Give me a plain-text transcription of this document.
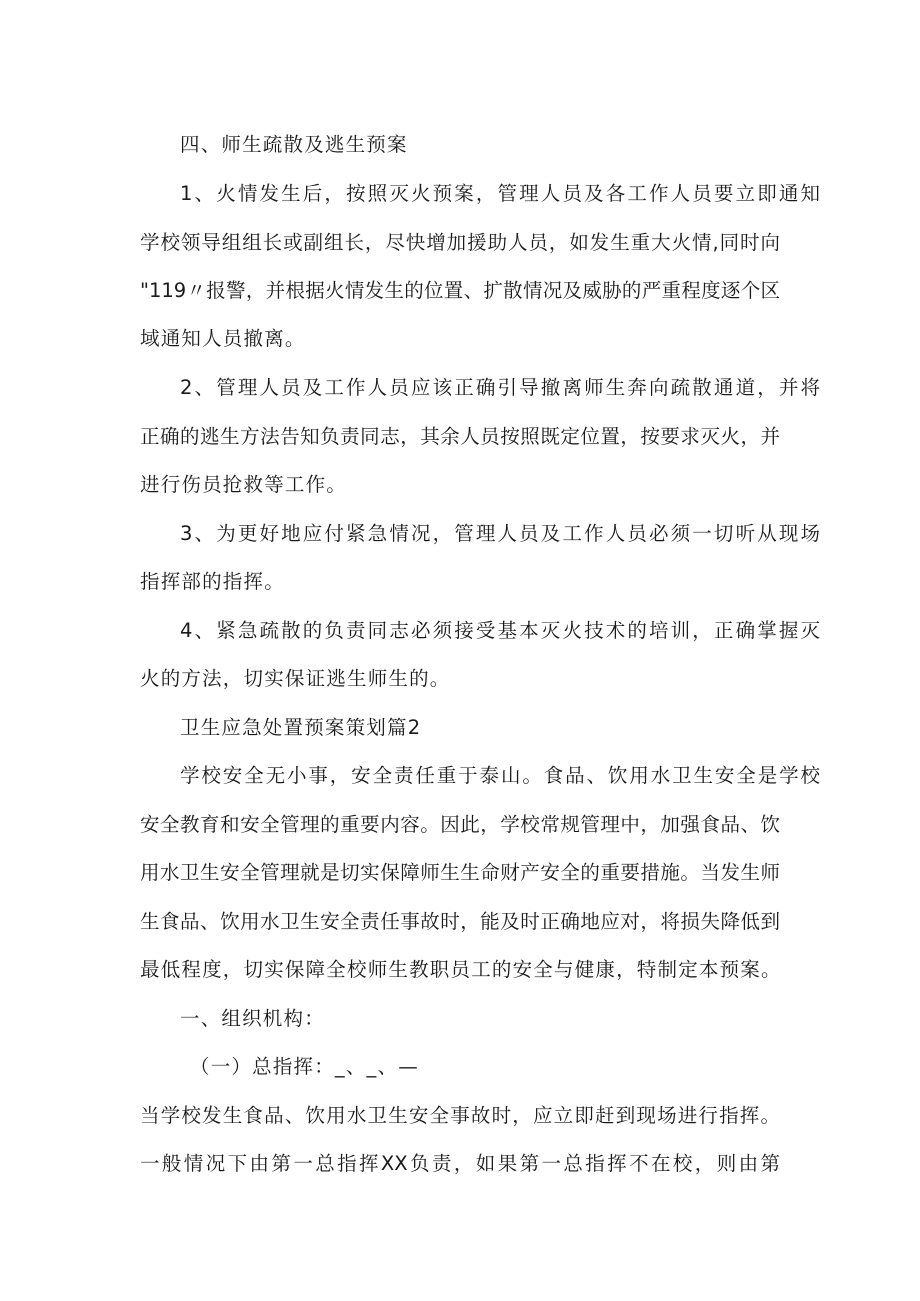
四、师生疏散及逃生预案
1、火情发生后，按照灭火预案，管理人员及各工作人员要立即通知
学校领导组组长或副组长，尽快增加援助人员，如发生重大火情,同时向
"119〃报警，并根据火情发生的位置、扩散情况及威胁的严重程度逐个区
域通知人员撤离。
2、管理人员及工作人员应该正确引导撤离师生奔向疏散通道，并将
正确的逃生方法告知负责同志，其余人员按照既定位置，按要求灭火，并
进行伤员抢救等工作。
3、为更好地应付紧急情况，管理人员及工作人员必须一切听从现场
指挥部的指挥。
4、紧急疏散的负责同志必须接受基本灭火技术的培训，正确掌握灭
火的方法，切实保证逃生师生的。
卫生应急处置预案策划篇2
学校安全无小事，安全责任重于泰山。食品、饮用水卫生安全是学校
安全教育和安全管理的重要内容。因此，学校常规管理中，加强食品、饮
用水卫生安全管理就是切实保障师生生命财产安全的重要措施。当发生师
生食品、饮用水卫生安全责任事故时，能及时正确地应对，将损失降低到
最低程度，切实保障全校师生教职员工的安全与健康，特制定本预案。
一、组织机构：
（一）总指挥：_、_、—
当学校发生食品、饮用水卫生安全事故时，应立即赶到现场进行指挥。
一般情况下由第一总指挥XX负责，如果第一总指挥不在校，则由第
